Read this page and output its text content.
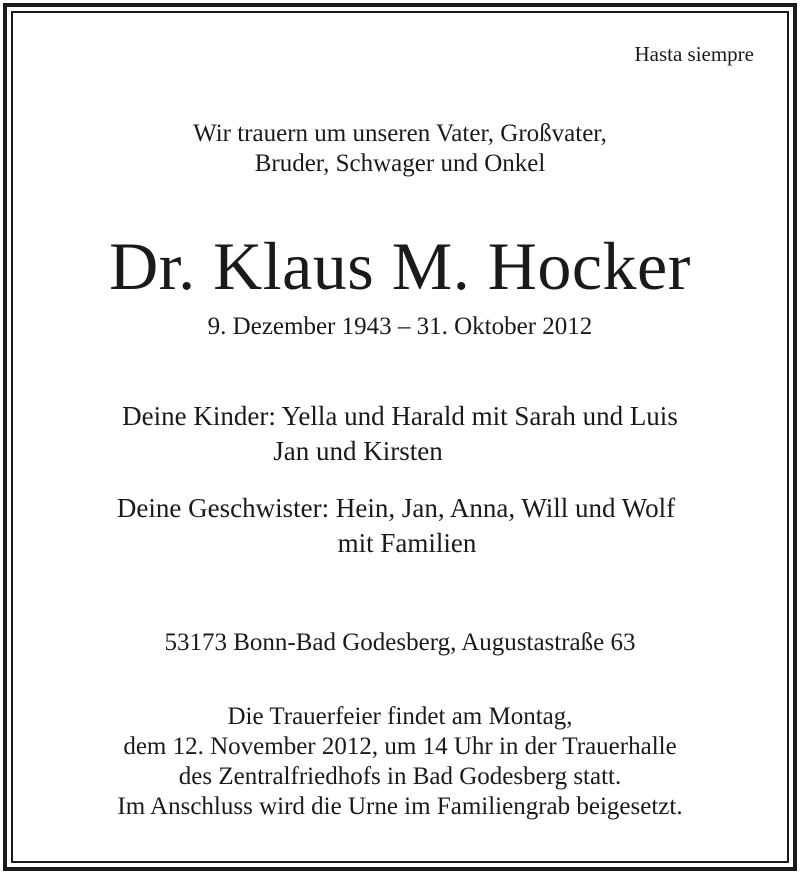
Hasta siempre
Wir trauern um unseren Vater, Großvater,
Bruder, Schwager und Onkel
Dr. Klaus M. Hocker
9. Dezember 1943 – 31. Oktober 2012
Deine Kinder: Yella und Harald mit Sarah und Luis
Jan und Kirsten
Deine Geschwister: Hein, Jan, Anna, Will und Wolf
mit Familien
53173 Bonn-Bad Godesberg, Augustastraße 63
Die Trauerfeier findet am Montag,
dem 12. November 2012, um 14 Uhr in der Trauerhalle
des Zentralfriedhofs in Bad Godesberg statt.
Im Anschluss wird die Urne im Familiengrab beigesetzt.
